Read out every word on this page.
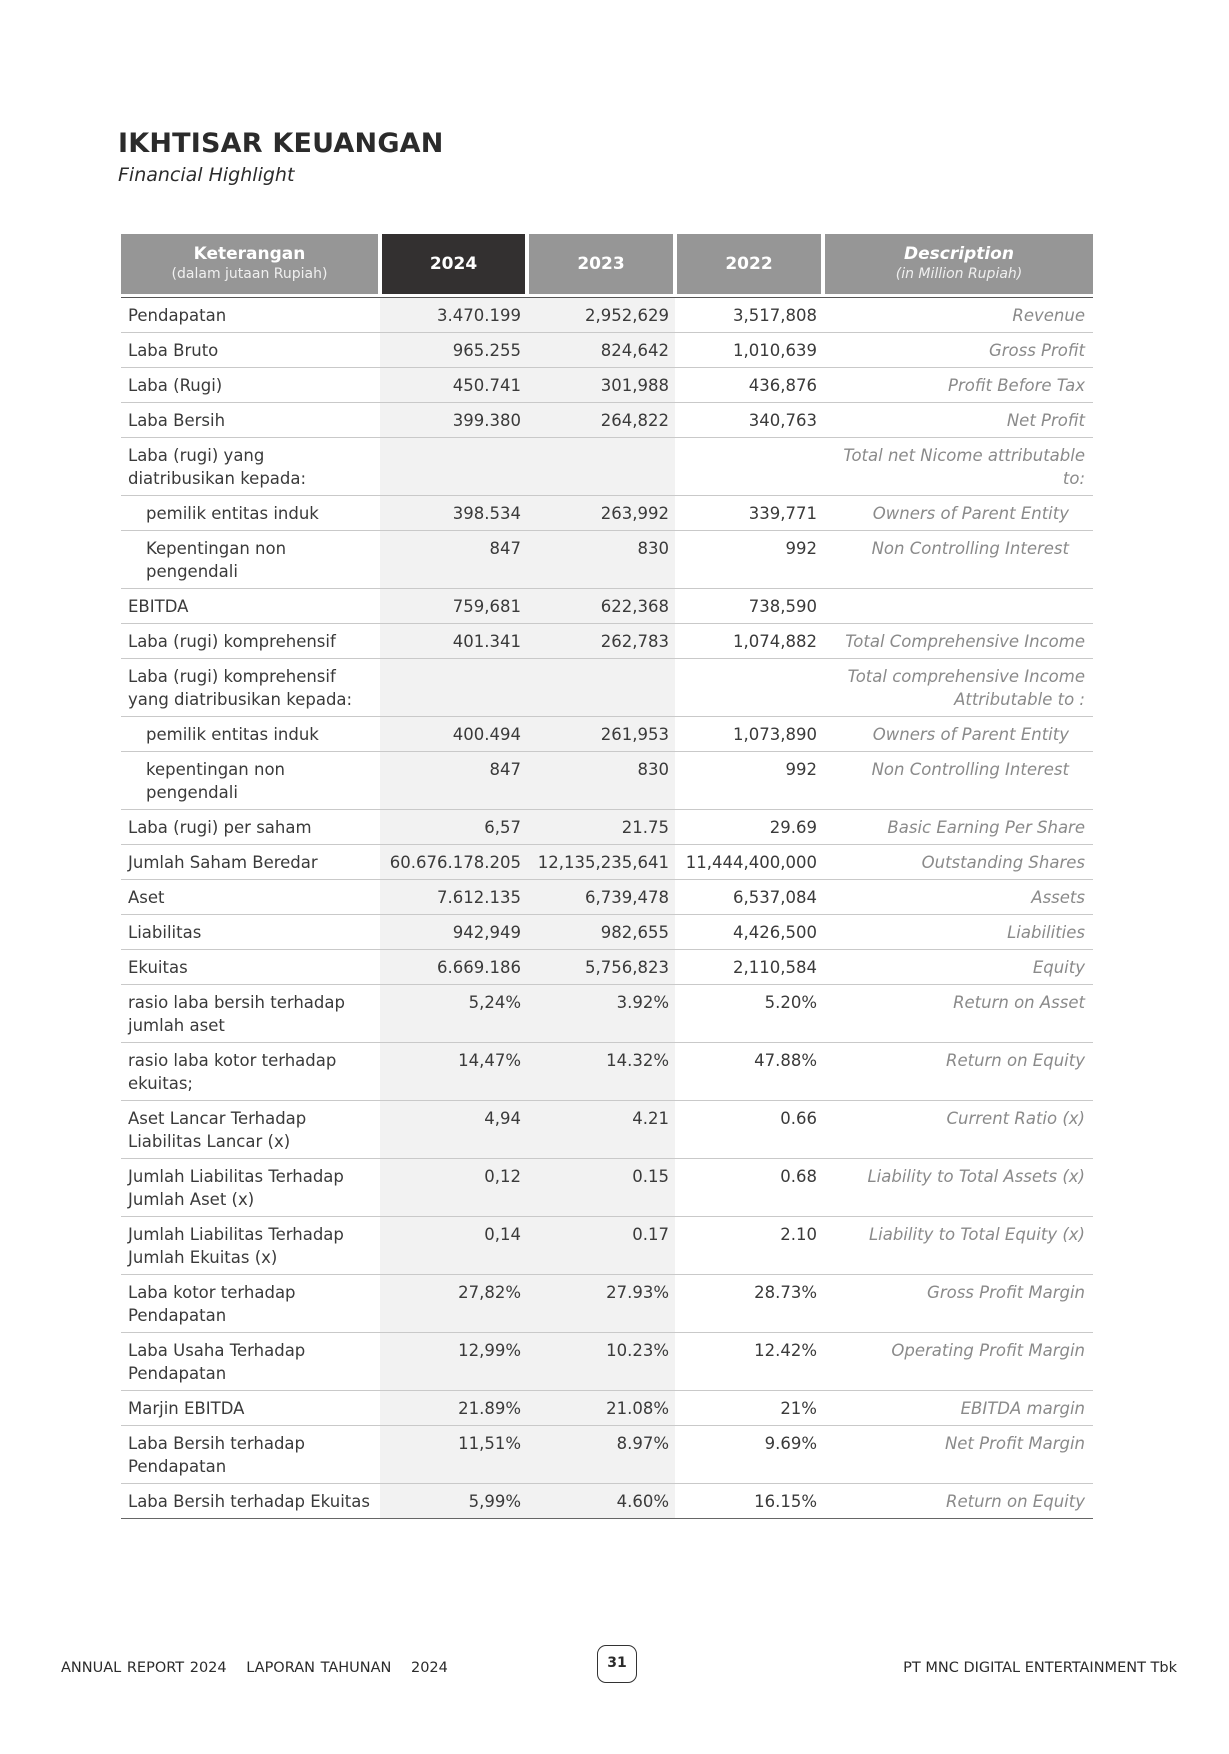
IKHTISAR KEUANGAN

Financial Highlight

Keterangan
(dalam jutaan Rupiah)	2024	2023	2022	Description
(in Million Rupiah)

Pendapatan	3.470.199	2,952,629	3,517,808	Revenue
Laba Bruto	965.255	824,642	1,010,639	Gross Profit
Laba (Rugi)	450.741	301,988	436,876	Profit Before Tax
Laba Bersih	399.380	264,822	340,763	Net Profit
Laba (rugi) yang diatribusikan kepada:				Total net Nicome attributable to:
pemilik entitas induk	398.534	263,992	339,771	Owners of Parent Entity
Kepentingan non pengendali	847	830	992	Non Controlling Interest
EBITDA	759,681	622,368	738,590	
Laba (rugi) komprehensif	401.341	262,783	1,074,882	Total Comprehensive Income
Laba (rugi) komprehensif yang diatribusikan kepada:				Total comprehensive Income Attributable to :
pemilik entitas induk	400.494	261,953	1,073,890	Owners of Parent Entity
kepentingan non pengendali	847	830	992	Non Controlling Interest
Laba (rugi) per saham	6,57	21.75	29.69	Basic Earning Per Share
Jumlah Saham Beredar	60.676.178.205	12,135,235,641	11,444,400,000	Outstanding Shares
Aset	7.612.135	6,739,478	6,537,084	Assets
Liabilitas	942,949	982,655	4,426,500	Liabilities
Ekuitas	6.669.186	5,756,823	2,110,584	Equity
rasio laba bersih terhadap jumlah aset	5,24%	3.92%	5.20%	Return on Asset
rasio laba kotor terhadap ekuitas;	14,47%	14.32%	47.88%	Return on Equity
Aset Lancar Terhadap Liabilitas Lancar (x)	4,94	4.21	0.66	Current Ratio (x)
Jumlah Liabilitas Terhadap Jumlah Aset (x)	0,12	0.15	0.68	Liability to Total Assets (x)
Jumlah Liabilitas Terhadap Jumlah Ekuitas (x)	0,14	0.17	2.10	Liability to Total Equity (x)
Laba kotor terhadap Pendapatan	27,82%	27.93%	28.73%	Gross Profit Margin
Laba Usaha Terhadap Pendapatan	12,99%	10.23%	12.42%	Operating Profit Margin
Marjin EBITDA	21.89%	21.08%	21%	EBITDA margin
Laba Bersih terhadap Pendapatan	11,51%	8.97%	9.69%	Net Profit Margin
Laba Bersih terhadap Ekuitas	5,99%	4.60%	16.15%	Return on Equity
ANNUAL REPORT 2024 LAPORAN TAHUNAN 2024	31	PT MNC DIGITAL ENTERTAINMENT Tbk
